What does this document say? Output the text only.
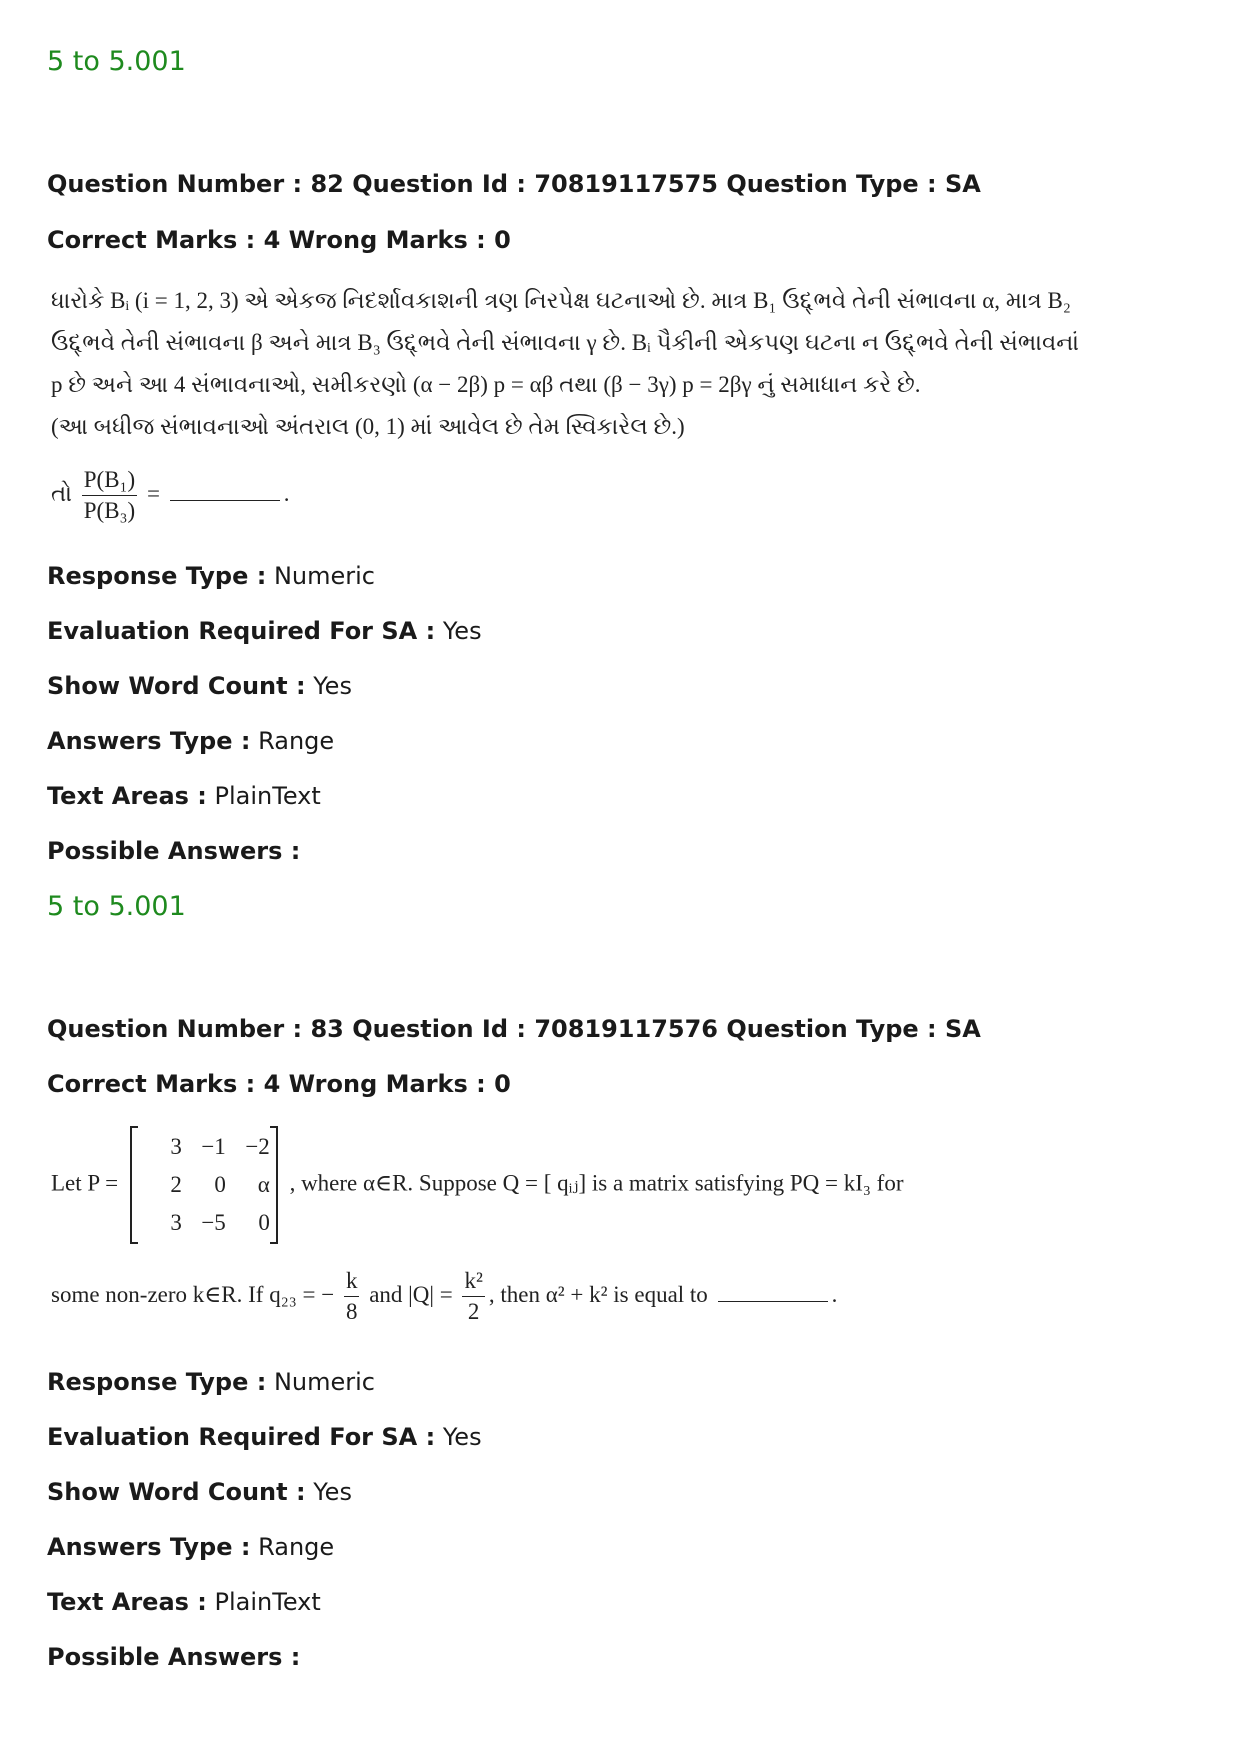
5 to 5.001
Question Number : 82 Question Id : 70819117575 Question Type : SA
Correct Marks : 4 Wrong Marks : 0
ધારોકે Bᵢ (i = 1, 2, 3) એ એકજ નિદર્શાવકાશની ત્રણ નિરપેક્ષ ઘટનાઓ છે. માત્ર B₁ ઉદ્દ્ભવે તેની સંભાવના α, માત્ર B₂
ઉદ્દ્ભવે તેની સંભાવના β અને માત્ર B₃ ઉદ્દ્ભવે તેની સંભાવના γ છે. Bᵢ પૈકીની એકપણ ઘટના ન ઉદ્દ્ભવે તેની સંભાવનાં
p છે અને આ 4 સંભાવનાઓ, સમીકરણો (α − 2β) p = αβ તથા (β − 3γ) p = 2βγ નું સમાધાન કરે છે.
(આ બધીજ સંભાવનાઓ અંતરાલ (0, 1) માં આવેલ છે તેમ સ્વિકારેલ છે.)
તો $\frac{\text{P(B₁)}}{\text{P(B₃)}}$ =	.
Response Type : Numeric
Evaluation Required For SA : Yes
Show Word Count : Yes
Answers Type : Range
Text Areas : PlainText
Possible Answers :
5 to 5.001
Question Number : 83 Question Id : 70819117576 Question Type : SA
Correct Marks : 4 Wrong Marks : 0
Let P =
3 −1 −2
2	0	α
3 −5	0
, where α∈R. Suppose Q = [ qᵢⱼ] is a matrix satisfying PQ = kI₃ for
some non-zero k∈R. If q₂₃ = − $\frac{k}{8}$ and $|Q| = \frac{\text{k²}}{2}$ , then α² + k² is equal to	.
Response Type : Numeric
Evaluation Required For SA : Yes
Show Word Count : Yes
Answers Type : Range
Text Areas : PlainText
Possible Answers :
